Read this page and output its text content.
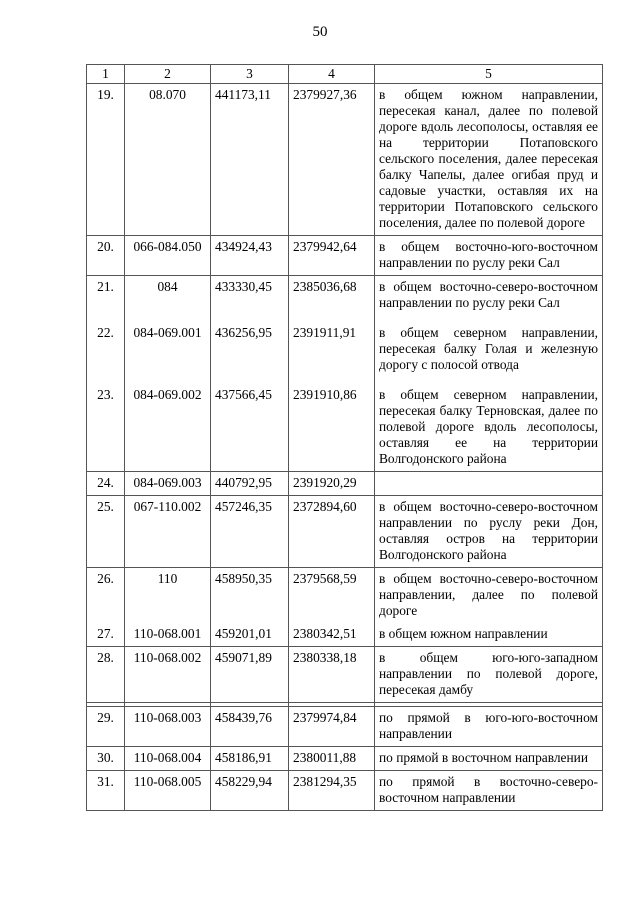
50
1	2	3	4	5
19.	08.070	441173,11	2379927,36	в общем южном направлении, пересекая канал, далее по полевой дороге вдоль лесополосы, оставляя ее на территории Потаповского сельского поселения, далее пересекая балку Чапелы, далее огибая пруд и садовые участки, оставляя их на территории Потаповского сельского поселения, далее по полевой дороге
20.	066-084.050	434924,43	2379942,64	в общем восточно-юго-восточном направлении по руслу реки Сал
21.	084	433330,45	2385036,68	в общем восточно-северо-восточном направлении по руслу реки Сал
22.	084-069.001	436256,95	2391911,91	в общем северном направлении, пересекая балку Голая и железную дорогу с полосой отвода
23.	084-069.002	437566,45	2391910,86	в общем северном направлении, пересекая балку Терновская, далее по полевой дороге вдоль лесополосы, оставляя ее на территории Волгодонского района
24.	084-069.003	440792,95	2391920,29	
25.	067-110.002	457246,35	2372894,60	в общем восточно-северо-восточном направлении по руслу реки Дон, оставляя остров на территории Волгодонского района
26.	110	458950,35	2379568,59	в общем восточно-северо-восточном направлении, далее по полевой дороге
27.	110-068.001	459201,01	2380342,51	в общем южном направлении
28.	110-068.002	459071,89	2380338,18	в общем юго-юго-западном направлении по полевой дороге, пересекая дамбу

29.	110-068.003	458439,76	2379974,84	по прямой в юго-юго-восточном направлении
30.	110-068.004	458186,91	2380011,88	по прямой в восточном направлении
31.	110-068.005	458229,94	2381294,35	по прямой в восточно-северо-восточном направлении
